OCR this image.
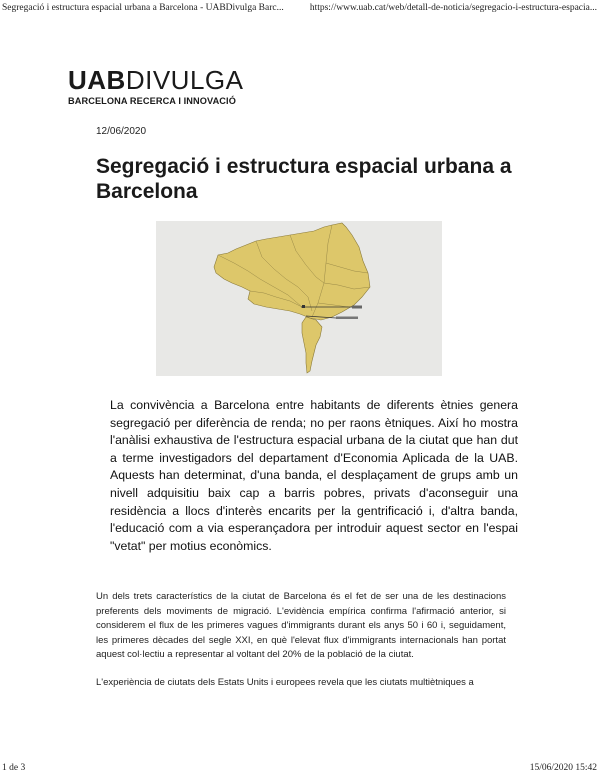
Segregació i estructura espacial urbana a Barcelona - UABDivulga Barc...	https://www.uab.cat/web/detall-de-noticia/segregacio-i-estructura-espacia...
UABDIVULGA
BARCELONA RECERCA I INNOVACIÓ
12/06/2020
Segregació i estructura espacial urbana a Barcelona

La convivència a Barcelona entre habitants de diferents ètnies genera segregació per diferència de renda; no per raons ètniques. Així ho mostra l'anàlisi exhaustiva de l'estructura espacial urbana de la ciutat que han dut a terme investigadors del departament d'Economia Aplicada de la UAB. Aquests han determinat, d'una banda, el desplaçament de grups amb un nivell adquisitiu baix cap a barris pobres, privats d'aconseguir una residència a llocs d'interès encarits per la gentrificació i, d'altra banda, l'educació com a via esperançadora per introduir aquest sector en l'espai "vetat" per motius econòmics.

Un dels trets característics de la ciutat de Barcelona és el fet de ser una de les destinacions preferents dels moviments de migració. L'evidència empírica confirma l'afirmació anterior, si considerem el flux de les primeres vagues d'immigrants durant els anys 50 i 60 i, seguidament, les primeres dècades del segle XXI, en què l'elevat flux d'immigrants internacionals han portat aquest col·lectiu a representar al voltant del 20% de la població de la ciutat.

L'experiència de ciutats dels Estats Units i europees revela que les ciutats multiètniques a

1 de 3	15/06/2020 15:42
